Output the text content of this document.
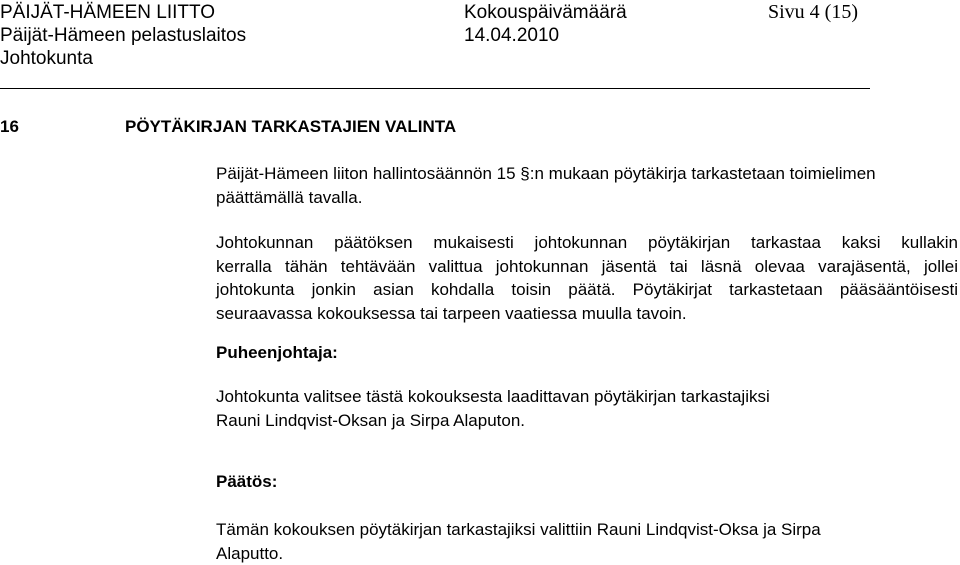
PÄIJÄT-HÄMEEN LIITTO
Päijät-Hämeen pelastuslaitos
Johtokunta
Kokouspäivämäärä
14.04.2010
Sivu 4 (15)
16	PÖYTÄKIRJAN TARKASTAJIEN VALINTA
Päijät-Hämeen liiton hallintosäännön 15 §:n mukaan pöytäkirja tarkastetaan toimielimen
päättämällä tavalla.
Johtokunnan päätöksen mukaisesti johtokunnan pöytäkirjan tarkastaa kaksi kullakin
kerralla tähän tehtävään valittua johtokunnan jäsentä tai läsnä olevaa varajäsentä, jollei
johtokunta jonkin asian kohdalla toisin päätä. Pöytäkirjat tarkastetaan pääsääntöisesti
seuraavassa kokouksessa tai tarpeen vaatiessa muulla tavoin.
Puheenjohtaja:
Johtokunta valitsee tästä kokouksesta laadittavan pöytäkirjan tarkastajiksi
Rauni Lindqvist-Oksan ja Sirpa Alaputon.
Päätös:
Tämän kokouksen pöytäkirjan tarkastajiksi valittiin Rauni Lindqvist-Oksa ja Sirpa
Alaputto.
